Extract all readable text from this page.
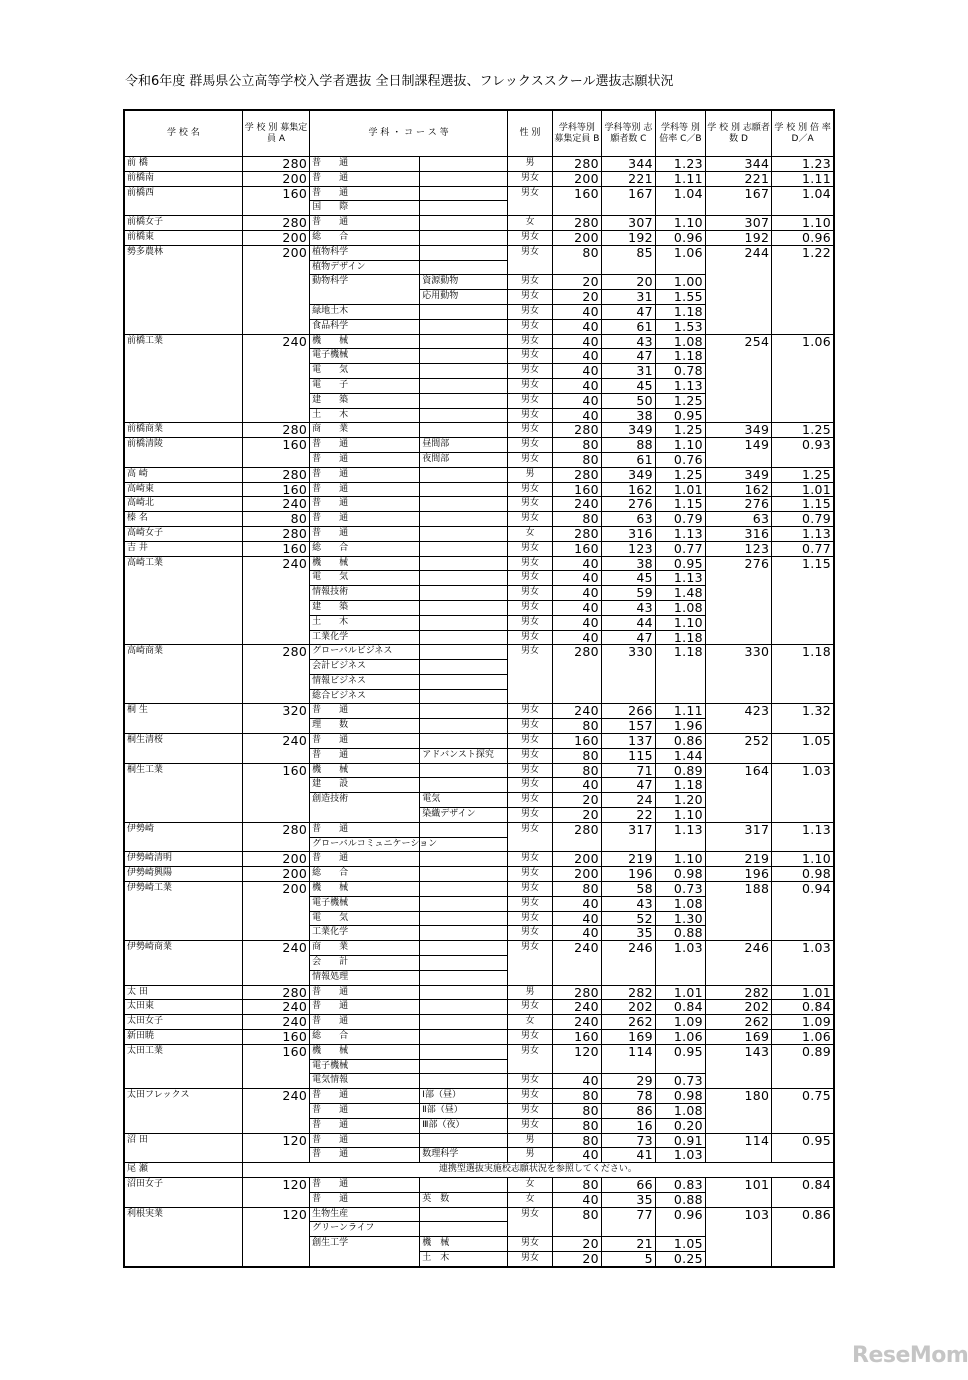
令和6年度 群馬県公立高等学校入学者選抜 全日制課程選抜、フレックススクール選抜志願状況
学 校 名	学 校 別 募集定員 A	学 科 ・ コ ー ス 等		性 別	学科等別 募集定員 B	学科等別 志願者数 C	学科等 別倍率 C／B	学 校 別 志願者数 D	学 校 別 倍 率 D／A
前 橋	280	普　　通		男	280	344	1.23	344	1.23
前橋南	200	普　　通		男女	200	221	1.11	221	1.11
前橋西	160	普　　通		男女	160	167	1.04	167	1.04
		国　　際							
前橋女子	280	普　　通		女	280	307	1.10	307	1.10
前橋東	200	総　　合		男女	200	192	0.96	192	0.96
勢多農林	200	植物科学		男女	80	85	1.06	244	1.22
		植物デザイン							
		動物科学	資源動物	男女	20	20	1.00		
			応用動物	男女	20	31	1.55		
		緑地土木		男女	40	47	1.18		
		食品科学		男女	40	61	1.53		
前橋工業	240	機　　械		男女	40	43	1.08	254	1.06
		電子機械		男女	40	47	1.18		
		電　　気		男女	40	31	0.78		
		電　　子		男女	40	45	1.13		
		建　　築		男女	40	50	1.25		
		土　　木		男女	40	38	0.95		
前橋商業	280	商　　業		男女	280	349	1.25	349	1.25
前橋清陵	160	普　　通	昼間部	男女	80	88	1.10	149	0.93
		普　　通	夜間部	男女	80	61	0.76		
高 崎	280	普　　通		男	280	349	1.25	349	1.25
高崎東	160	普　　通		男女	160	162	1.01	162	1.01
高崎北	240	普　　通		男女	240	276	1.15	276	1.15
榛 名	80	普　　通		男女	80	63	0.79	63	0.79
高崎女子	280	普　　通		女	280	316	1.13	316	1.13
吉 井	160	総　　合		男女	160	123	0.77	123	0.77
高崎工業	240	機　　械		男女	40	38	0.95	276	1.15
		電　　気		男女	40	45	1.13		
		情報技術		男女	40	59	1.48		
		建　　築		男女	40	43	1.08		
		土　　木		男女	40	44	1.10		
		工業化学		男女	40	47	1.18		
高崎商業	280	グローバルビジネス		男女	280	330	1.18	330	1.18
		会計ビジネス							
		情報ビジネス							
		総合ビジネス							
桐 生	320	普　　通		男女	240	266	1.11	423	1.32
		理　　数		男女	80	157	1.96		
桐生清桜	240	普　　通		男女	160	137	0.86	252	1.05
		普　　通	アドバンスト探究	男女	80	115	1.44		
桐生工業	160	機　　械		男女	80	71	0.89	164	1.03
		建　　設		男女	40	47	1.18		
		創造技術	電気	男女	20	24	1.20		
			染織デザイン	男女	20	22	1.10		
伊勢崎	280	普　　通		男女	280	317	1.13	317	1.13
		グローバルコミュニケーション							
伊勢崎清明	200	普　　通		男女	200	219	1.10	219	1.10
伊勢崎興陽	200	総　　合		男女	200	196	0.98	196	0.98
伊勢崎工業	200	機　　械		男女	80	58	0.73	188	0.94
		電子機械		男女	40	43	1.08		
		電　　気		男女	40	52	1.30		
		工業化学		男女	40	35	0.88		
伊勢崎商業	240	商　　業		男女	240	246	1.03	246	1.03
		会　　計							
		情報処理							
太 田	280	普　　通		男	280	282	1.01	282	1.01
太田東	240	普　　通		男女	240	202	0.84	202	0.84
太田女子	240	普　　通		女	240	262	1.09	262	1.09
新田暁	160	総　　合		男女	160	169	1.06	169	1.06
太田工業	160	機　　械		男女	120	114	0.95	143	0.89
		電子機械							
		電気情報		男女	40	29	0.73		
太田フレックス	240	普　　通	Ⅰ部（昼）	男女	80	78	0.98	180	0.75
		普　　通	Ⅱ部（昼）	男女	80	86	1.08		
		普　　通	Ⅲ部（夜）	男女	80	16	0.20		
沼 田	120	普　　通		男	80	73	0.91	114	0.95
		普　　通	数理科学	男	40	41	1.03		
尾 瀬	連携型選抜実施校志願状況を参照してください。								
沼田女子	120	普　　通		女	80	66	0.83	101	0.84
		普　　通	英　数	女	40	35	0.88		
利根実業	120	生物生産		男女	80	77	0.96	103	0.86
		グリーンライフ							
		創生工学	機　械	男女	20	21	1.05		
			土　木	男女	20	5	0.25		
ReseMom
